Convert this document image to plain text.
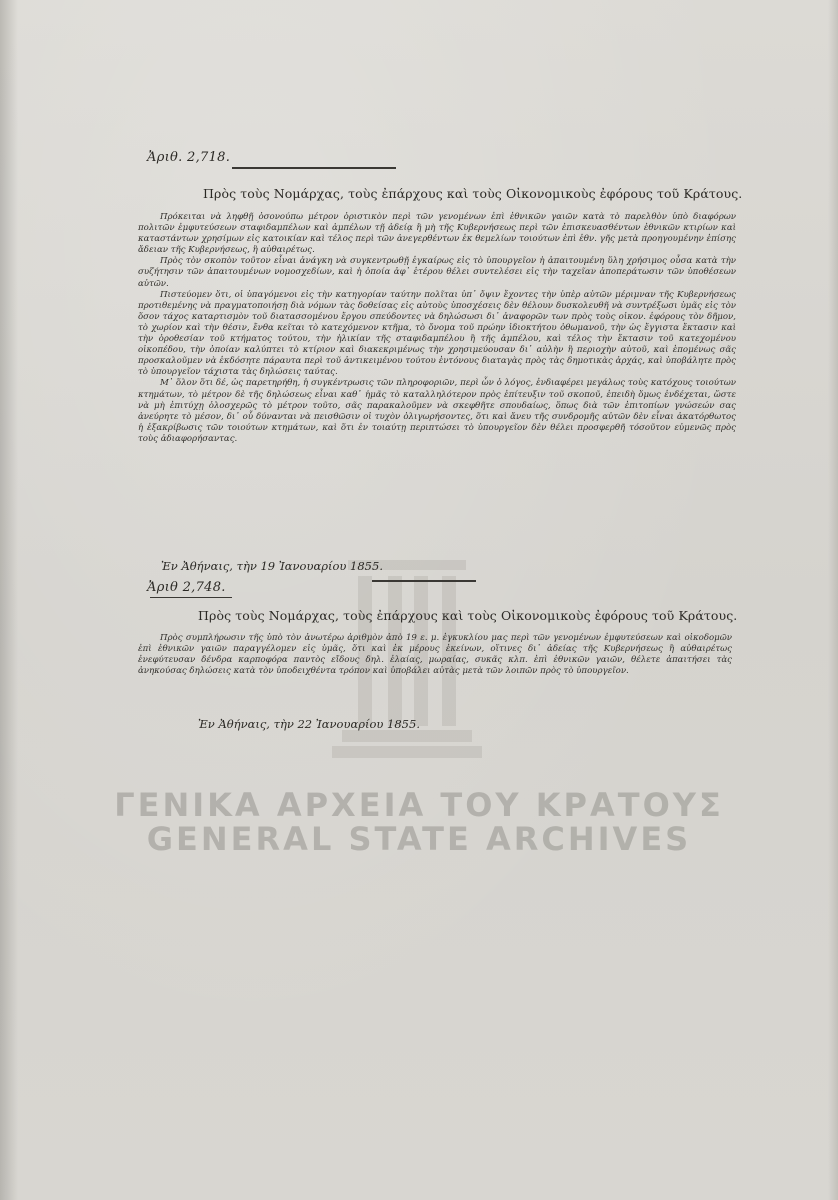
Ἀριθ. 2,718.
Πρὸς τοὺς Νομάρχας, τοὺς ἐπάρχους καὶ τοὺς Οἰκονομικοὺς ἐφόρους τοῦ Κράτους.

Πρόκειται νὰ ληφθῇ ὁσονούπω μέτρον ὁριστικὸν περὶ τῶν γενομένων ἐπὶ ἐθνικῶν γαιῶν κατὰ τὸ παρελθὸν ὑπὸ διαφόρων πολιτῶν ἐμφυτεύσεων σταφιδαμπέλων καὶ ἀμπέλων τῇ ἀδείᾳ ἢ μὴ τῆς Κυβερνήσεως περὶ τῶν ἐπισκευασθέντων ἐθνικῶν κτιρίων καὶ καταστάντων χρησίμων εἰς κατοικίαν καὶ τέλος περὶ τῶν ἀνεγερθέντων ἐκ θεμελίων τοιούτων ἐπὶ ἐθν. γῆς μετὰ προηγουμένην ἐπίσης ἄδειαν τῆς Κυβερνήσεως, ἢ αὐθαιρέτως.

Πρὸς τὸν σκοπὸν τοῦτον εἶναι ἀνάγκη νὰ συγκεντρωθῇ ἐγκαίρως εἰς τὸ ὑπουργεῖον ἡ ἀπαιτουμένη ὕλη χρήσιμος οὖσα κατὰ τὴν συζήτησιν τῶν ἀπαιτουμένων νομοσχεδίων, καὶ ἡ ὁποία ἀφ᾽ ἑτέρου θέλει συντελέσει εἰς τὴν ταχεῖαν ἀποπεράτωσιν τῶν ὑποθέσεων αὐτῶν.

Πιστεύομεν ὅτι, οἱ ὑπαγόμενοι εἰς τὴν κατηγορίαν ταύτην πολῖται ὑπ᾽ ὄψιν ἔχοντες τὴν ὑπὲρ αὐτῶν μέριμναν τῆς Κυβερνήσεως προτιθεμένης νὰ πραγματοποιήσῃ διὰ νόμων τὰς δοθείσας εἰς αὐτοὺς ὑποσχέσεις δὲν θέλουν δυσκολευθῆ νὰ συντρέξωσι ὑμᾶς εἰς τὸν ὅσον τάχος καταρτισμὸν τοῦ διατασσομένου ἔργου σπεύδοντες νὰ δηλώσωσι δι᾽ ἀναφορῶν των πρὸς τοὺς οἰκον. ἐφόρους τὸν δῆμον, τὸ χωρίον καὶ τὴν θέσιν, ἔνθα κεῖται τὸ κατεχόμενον κτῆμα, τὸ ὄνομα τοῦ πρώην ἰδιοκτήτου ὀθωμανοῦ, τὴν ὡς ἔγγιστα ἔκτασιν καὶ τὴν ὁροθεσίαν τοῦ κτήματος τούτου, τὴν ἡλικίαν τῆς σταφιδαμπέλου ἢ τῆς ἀμπέλου, καὶ τέλος τὴν ἔκτασιν τοῦ κατεχομένου οἰκοπέδου, τὴν ὁποίαν καλύπτει τὸ κτίριον καὶ διακεκριμένως τὴν χρησιμεύουσαν δι᾽ αὐλὴν ἢ περιοχὴν αὐτοῦ, καὶ ἑπομένως σᾶς προσκαλοῦμεν νὰ ἐκδόσητε πάραυτα περὶ τοῦ ἀντικειμένου τούτου ἐντόνους διαταγὰς πρὸς τὰς δημοτικὰς ἀρχάς, καὶ ὑποβάλητε πρὸς τὸ ὑπουργεῖον τάχιστα τὰς δηλώσεις ταύτας.

Μ᾽ ὅλον ὅτι δέ, ὡς παρετηρήθη, ἡ συγκέντρωσις τῶν πληροφοριῶν, περὶ ὧν ὁ λόγος, ἐνδιαφέρει μεγάλως τοὺς κατόχους τοιούτων κτημάτων, τὸ μέτρον δὲ τῆς δηλώσεως εἶναι καθ᾽ ἡμᾶς τὸ καταλληλότερον πρὸς ἐπίτευξιν τοῦ σκοποῦ, ἐπειδὴ ὅμως ἐνδέχεται, ὥστε νὰ μὴ ἐπιτύχῃ ὁλοσχερῶς τὸ μέτρον τοῦτο, σᾶς παρακαλοῦμεν νὰ σκεφθῆτε σπουδαίως, ὅπως διὰ τῶν ἐπιτοπίων γνώσεών σας ἀνεύρητε τὸ μέσον, δι᾽ οὗ δύνανται νὰ πεισθῶσιν οἱ τυχὸν ὀλιγωρήσοντες, ὅτι καὶ ἄνευ τῆς συνδρομῆς αὐτῶν δὲν εἶναι ἀκατόρθωτος ἡ ἐξακρίβωσις τῶν τοιούτων κτημάτων, καὶ ὅτι ἐν τοιαύτῃ περιπτώσει τὸ ὑπουργεῖον δὲν θέλει προσφερθῆ τόσοῦτον εὐμενῶς πρὸς τοὺς ἀδιαφορήσαντας.

Ἐν Ἀθήναις, τὴν 19 Ἰανουαρίου 1855.
Ἀριθ 2,748.
Πρὸς τοὺς Νομάρχας, τοὺς ἐπάρχους καὶ τοὺς Οἰκονομικοὺς ἐφόρους τοῦ Κράτους.

Πρὸς συμπλήρωσιν τῆς ὑπὸ τὸν ἀνωτέρω ἀριθμὸν ἀπὸ 19 ε. μ. ἐγκυκλίου μας περὶ τῶν γενομένων ἐμφυτεύσεων καὶ οἰκοδομῶν ἐπὶ ἐθνικῶν γαιῶν παραγγέλομεν εἰς ὑμᾶς, ὅτι καὶ ἐκ μέρους ἐκείνων, οἵτινες δι᾽ ἀδείας τῆς Κυβερνήσεως ἢ αὐθαιρέτως ἐνεφύτευσαν δένδρα καρποφόρα παντὸς εἴδους δηλ. ἐλαίας, μωραίας, συκᾶς κλπ. ἐπὶ ἐθνικῶν γαιῶν, θέλετε ἀπαιτήσει τὰς ἀνηκούσας δηλώσεις κατὰ τὸν ὑποδειχθέντα τρόπον καὶ ὑποβάλει αὐτὰς μετὰ τῶν λοιπῶν πρὸς τὸ ὑπουργεῖον.

Ἐν Ἀθήναις, τὴν 22 Ἰανουαρίου 1855.
ΓΕΝΙΚΑ ΑΡΧΕΙΑ ΤΟΥ ΚΡΑΤΟΥΣ
GENERAL STATE ARCHIVES
